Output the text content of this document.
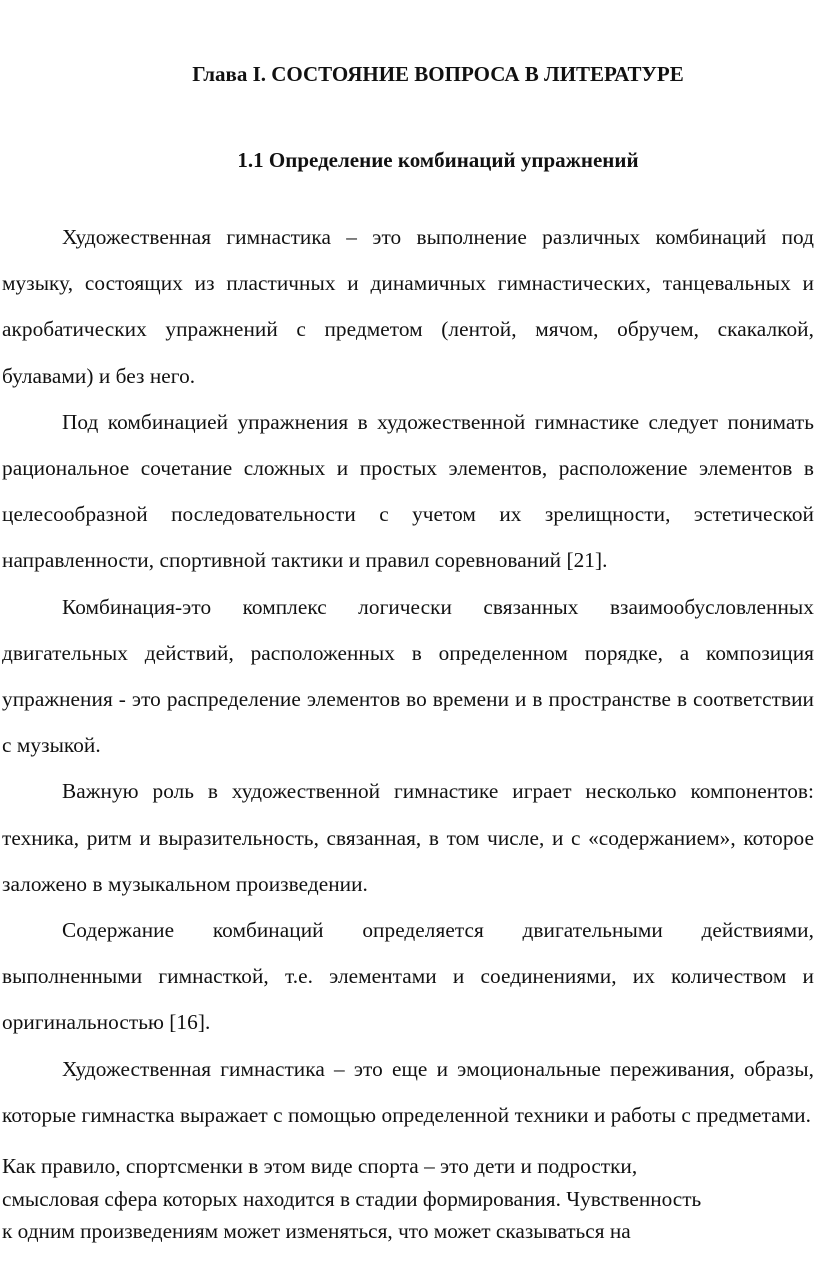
Глава I. СОСТОЯНИЕ ВОПРОСА В ЛИТЕРАТУРЕ
1.1 Определение комбинаций упражнений

Художественная гимнастика – это выполнение различных комбинаций под музыку, состоящих из пластичных и динамичных гимнастических, танцевальных и акробатических упражнений с предметом (лентой, мячом, обручем, скакалкой, булавами) и без него.

Под комбинацией упражнения в художественной гимнастике следует понимать рациональное сочетание сложных и простых элементов, расположение элементов в целесообразной последовательности с учетом их зрелищности, эстетической направленности, спортивной тактики и правил соревнований [21].

Комбинация-это комплекс логически связанных взаимообусловленных двигательных действий, расположенных в определенном порядке, а композиция упражнения - это распределение элементов во времени и в пространстве в соответствии с музыкой.

Важную роль в художественной гимнастике играет несколько компонентов: техника, ритм и выразительность, связанная, в том числе, и с «содержанием», которое заложено в музыкальном произведении.

Содержание комбинаций определяется двигательными действиями, выполненными гимнасткой, т.е. элементами и соединениями, их количеством и оригинальностью [16].

Художественная гимнастика – это еще и эмоциональные переживания, образы, которые гимнастка выражает с помощью определенной техники и работы с предметами.

Как правило, спортсменки в этом виде спорта – это дети и подростки,

смысловая сфера которых находится в стадии формирования. Чувственность

к одним произведениям может изменяться, что может сказываться на
